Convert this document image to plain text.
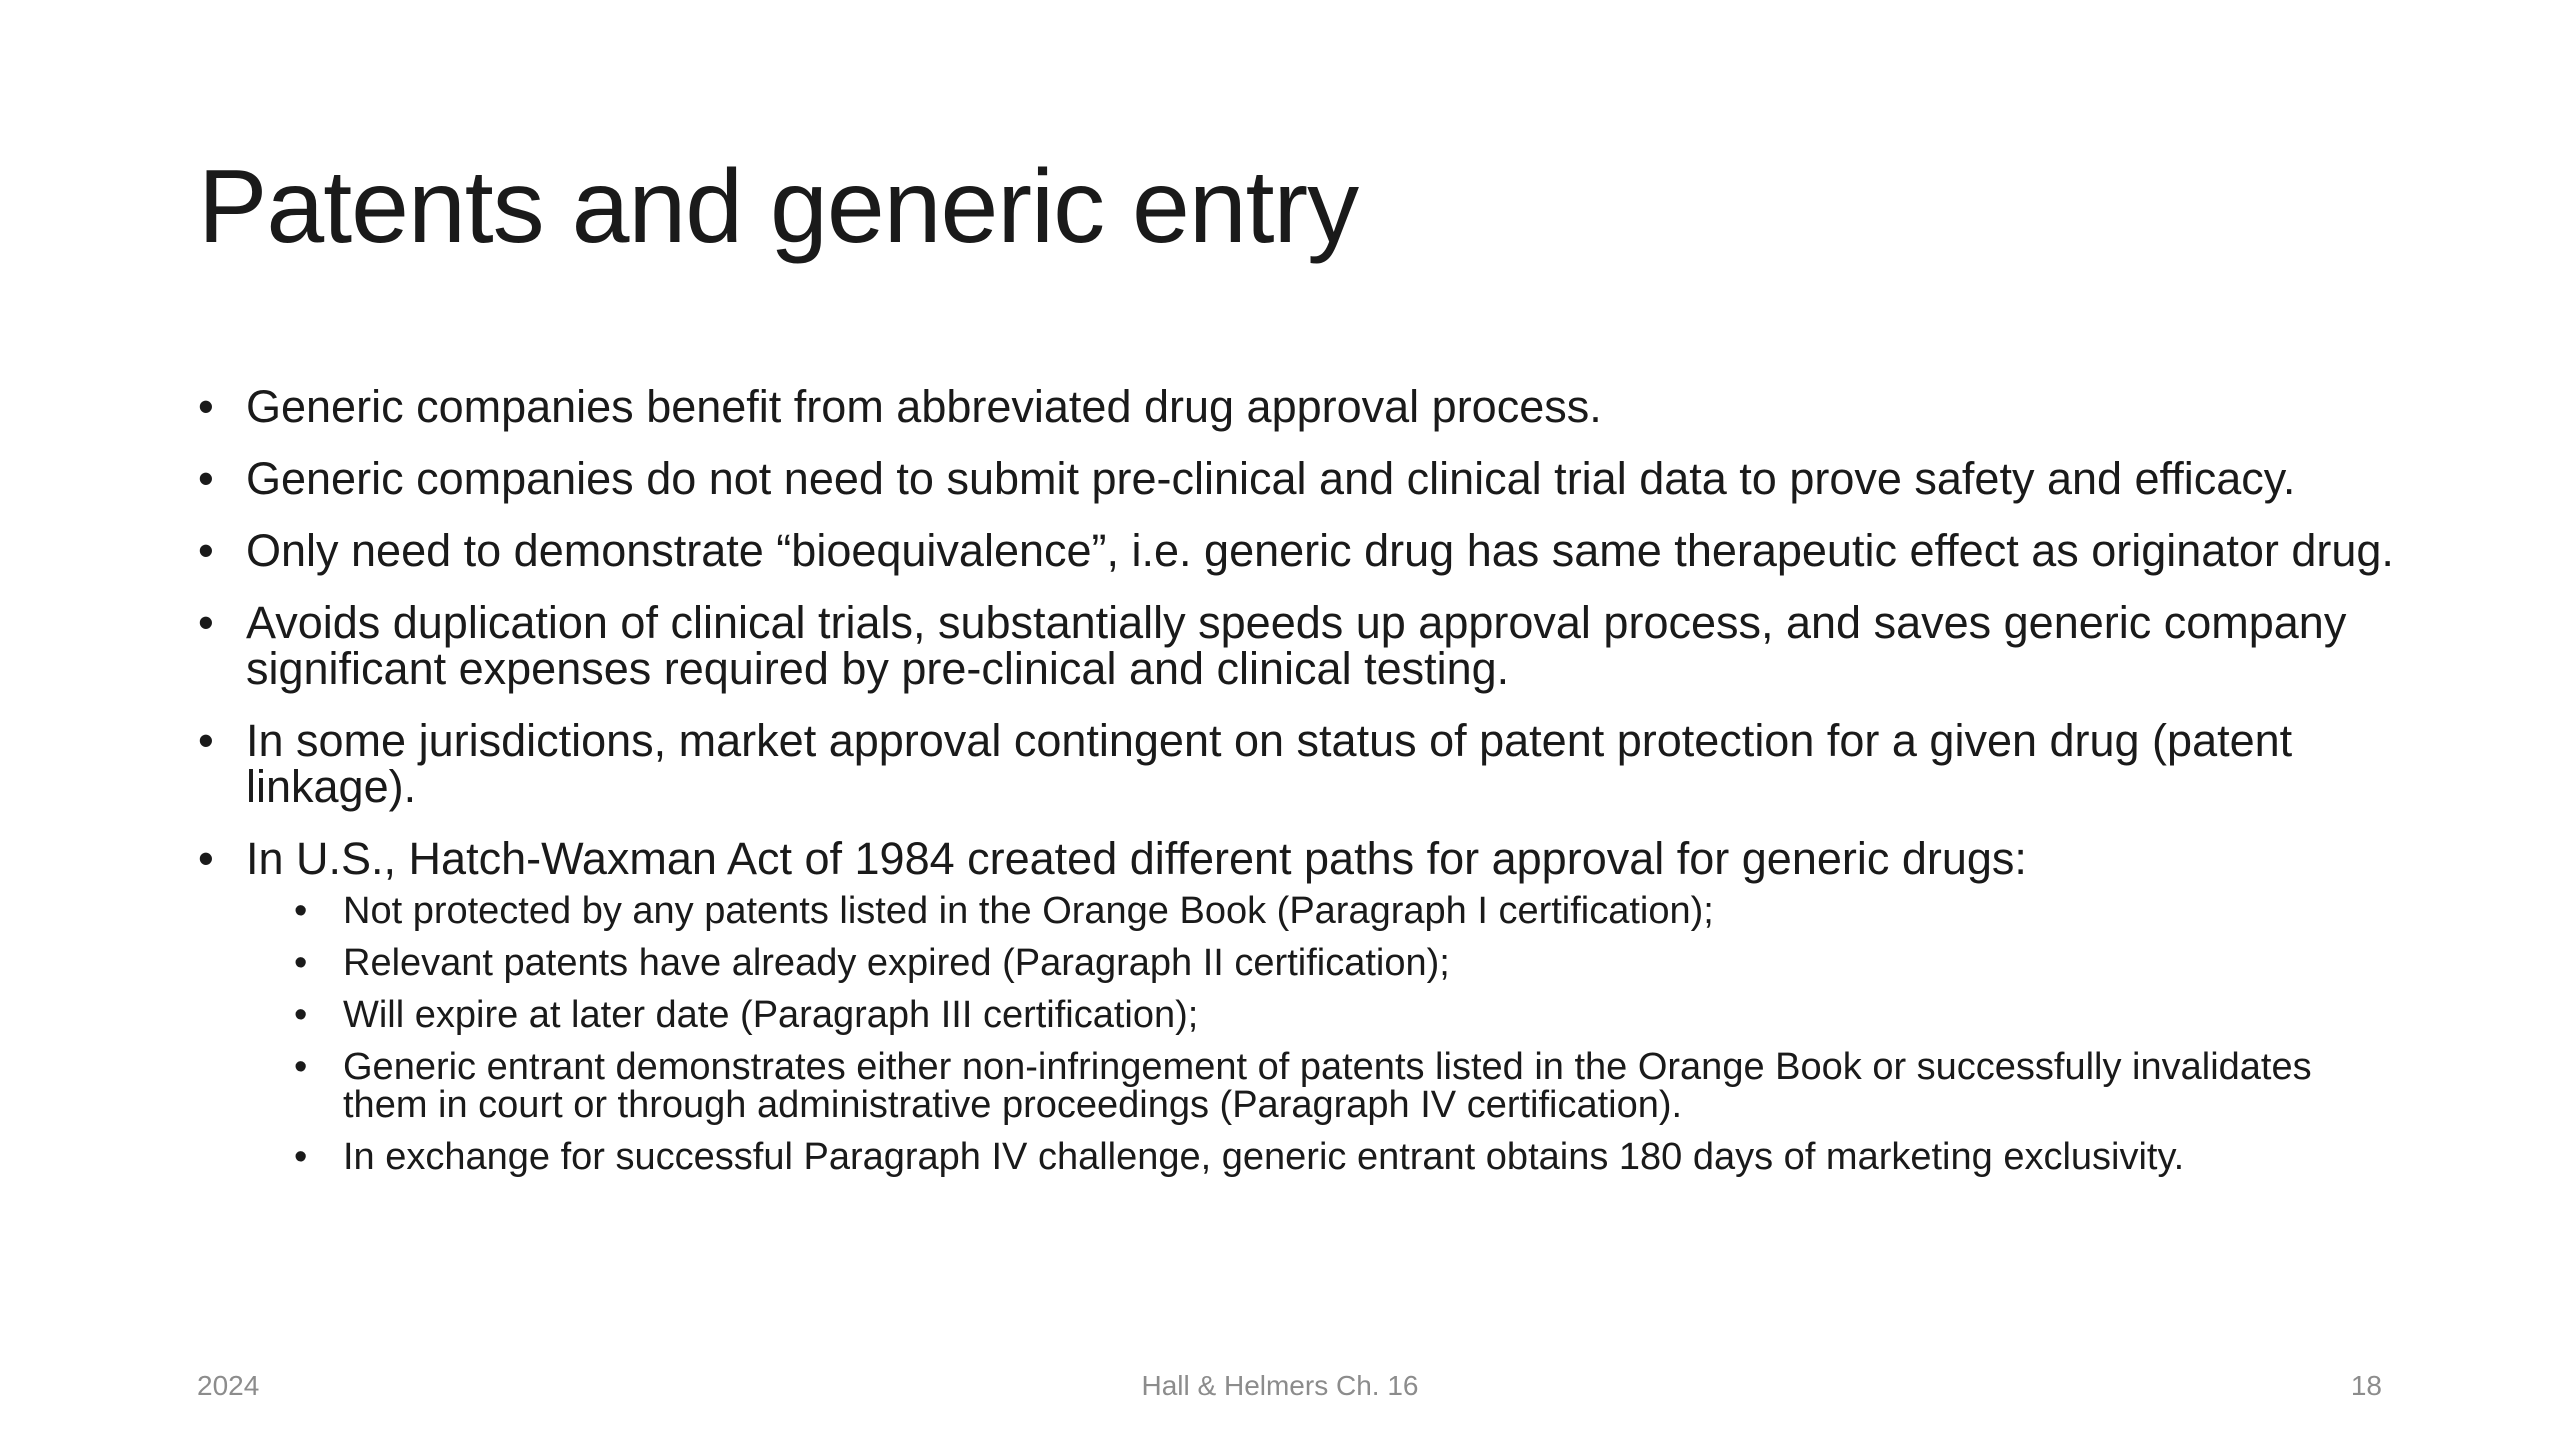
Patents and generic entry
• Generic companies benefit from abbreviated drug approval process.
• Generic companies do not need to submit pre-clinical and clinical trial data to prove safety and efficacy.
• Only need to demonstrate “bioequivalence”, i.e. generic drug has same therapeutic effect as originator drug.
• Avoids duplication of clinical trials, substantially speeds up approval process, and saves generic company significant expenses required by pre-clinical and clinical testing.
• In some jurisdictions, market approval contingent on status of patent protection for a given drug (patent linkage).
• In U.S., Hatch-Waxman Act of 1984 created different paths for approval for generic drugs:
• Not protected by any patents listed in the Orange Book (Paragraph I certification);
• Relevant patents have already expired (Paragraph II certification);
• Will expire at later date (Paragraph III certification);
• Generic entrant demonstrates either non-infringement of patents listed in the Orange Book or successfully invalidates them in court or through administrative proceedings (Paragraph IV certification).
• In exchange for successful Paragraph IV challenge, generic entrant obtains 180 days of marketing exclusivity.
2024	Hall & Helmers Ch. 16	18
